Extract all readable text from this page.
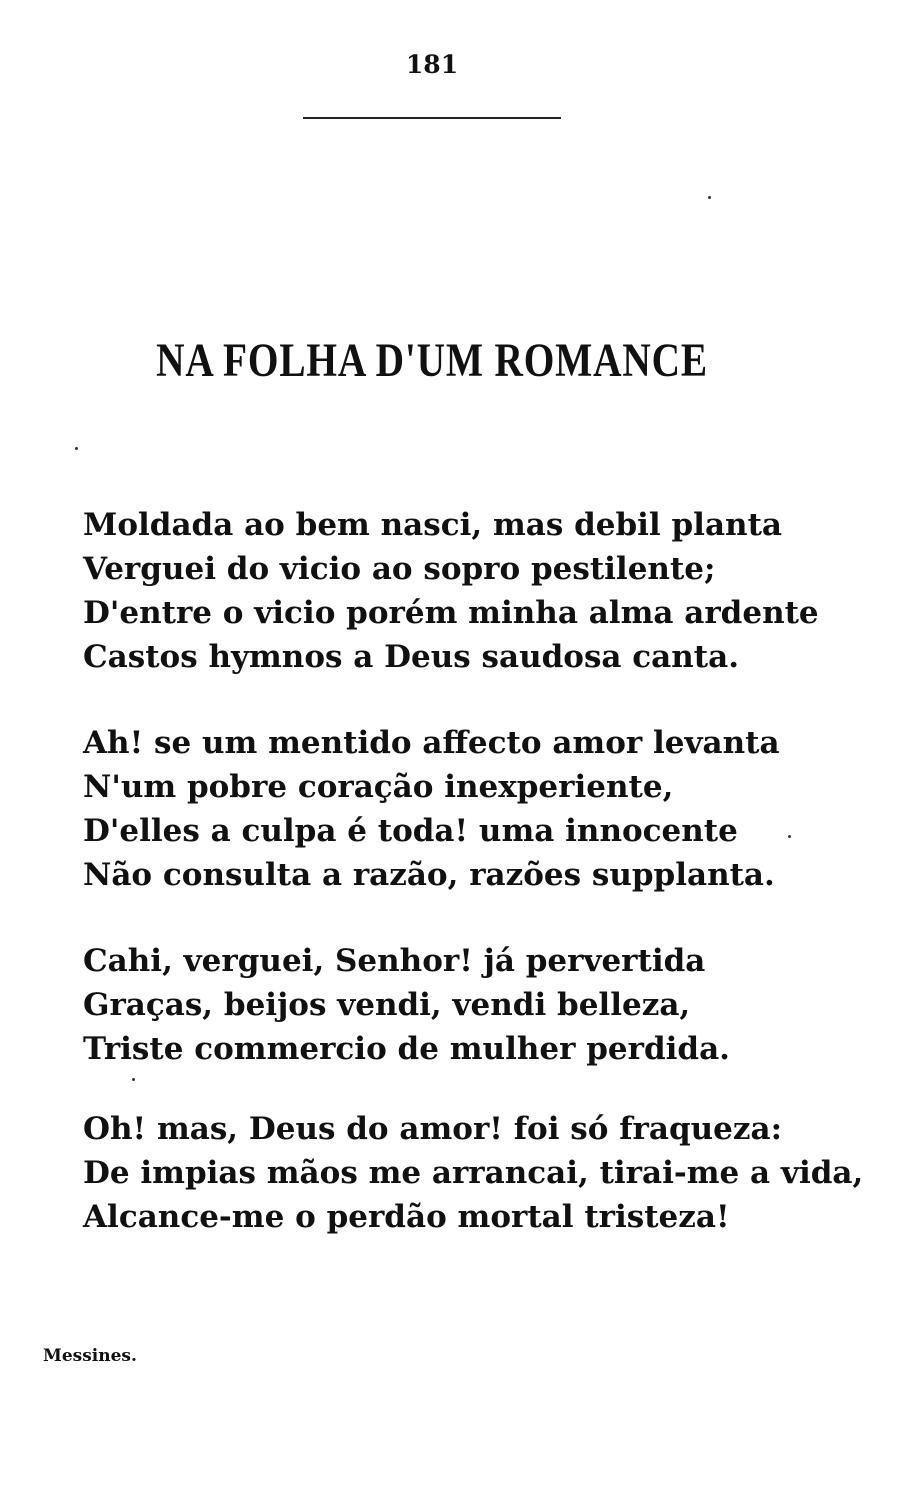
181
NA FOLHA D'UM ROMANCE
Moldada ao bem nasci, mas debil planta
Verguei do vicio ao sopro pestilente;
D'entre o vicio porém minha alma ardente
Castos hymnos a Deus saudosa canta.
Ah! se um mentido affecto amor levanta
N'um pobre coração inexperiente,
D'elles a culpa é toda! uma innocente
Não consulta a razão, razões supplanta.
Cahi, verguei, Senhor! já pervertida
Graças, beijos vendi, vendi belleza,
Triste commercio de mulher perdida.
Oh! mas, Deus do amor! foi só fraqueza:
De impias mãos me arrancai, tirai-me a vida,
Alcance-me o perdão mortal tristeza!
Messines.
